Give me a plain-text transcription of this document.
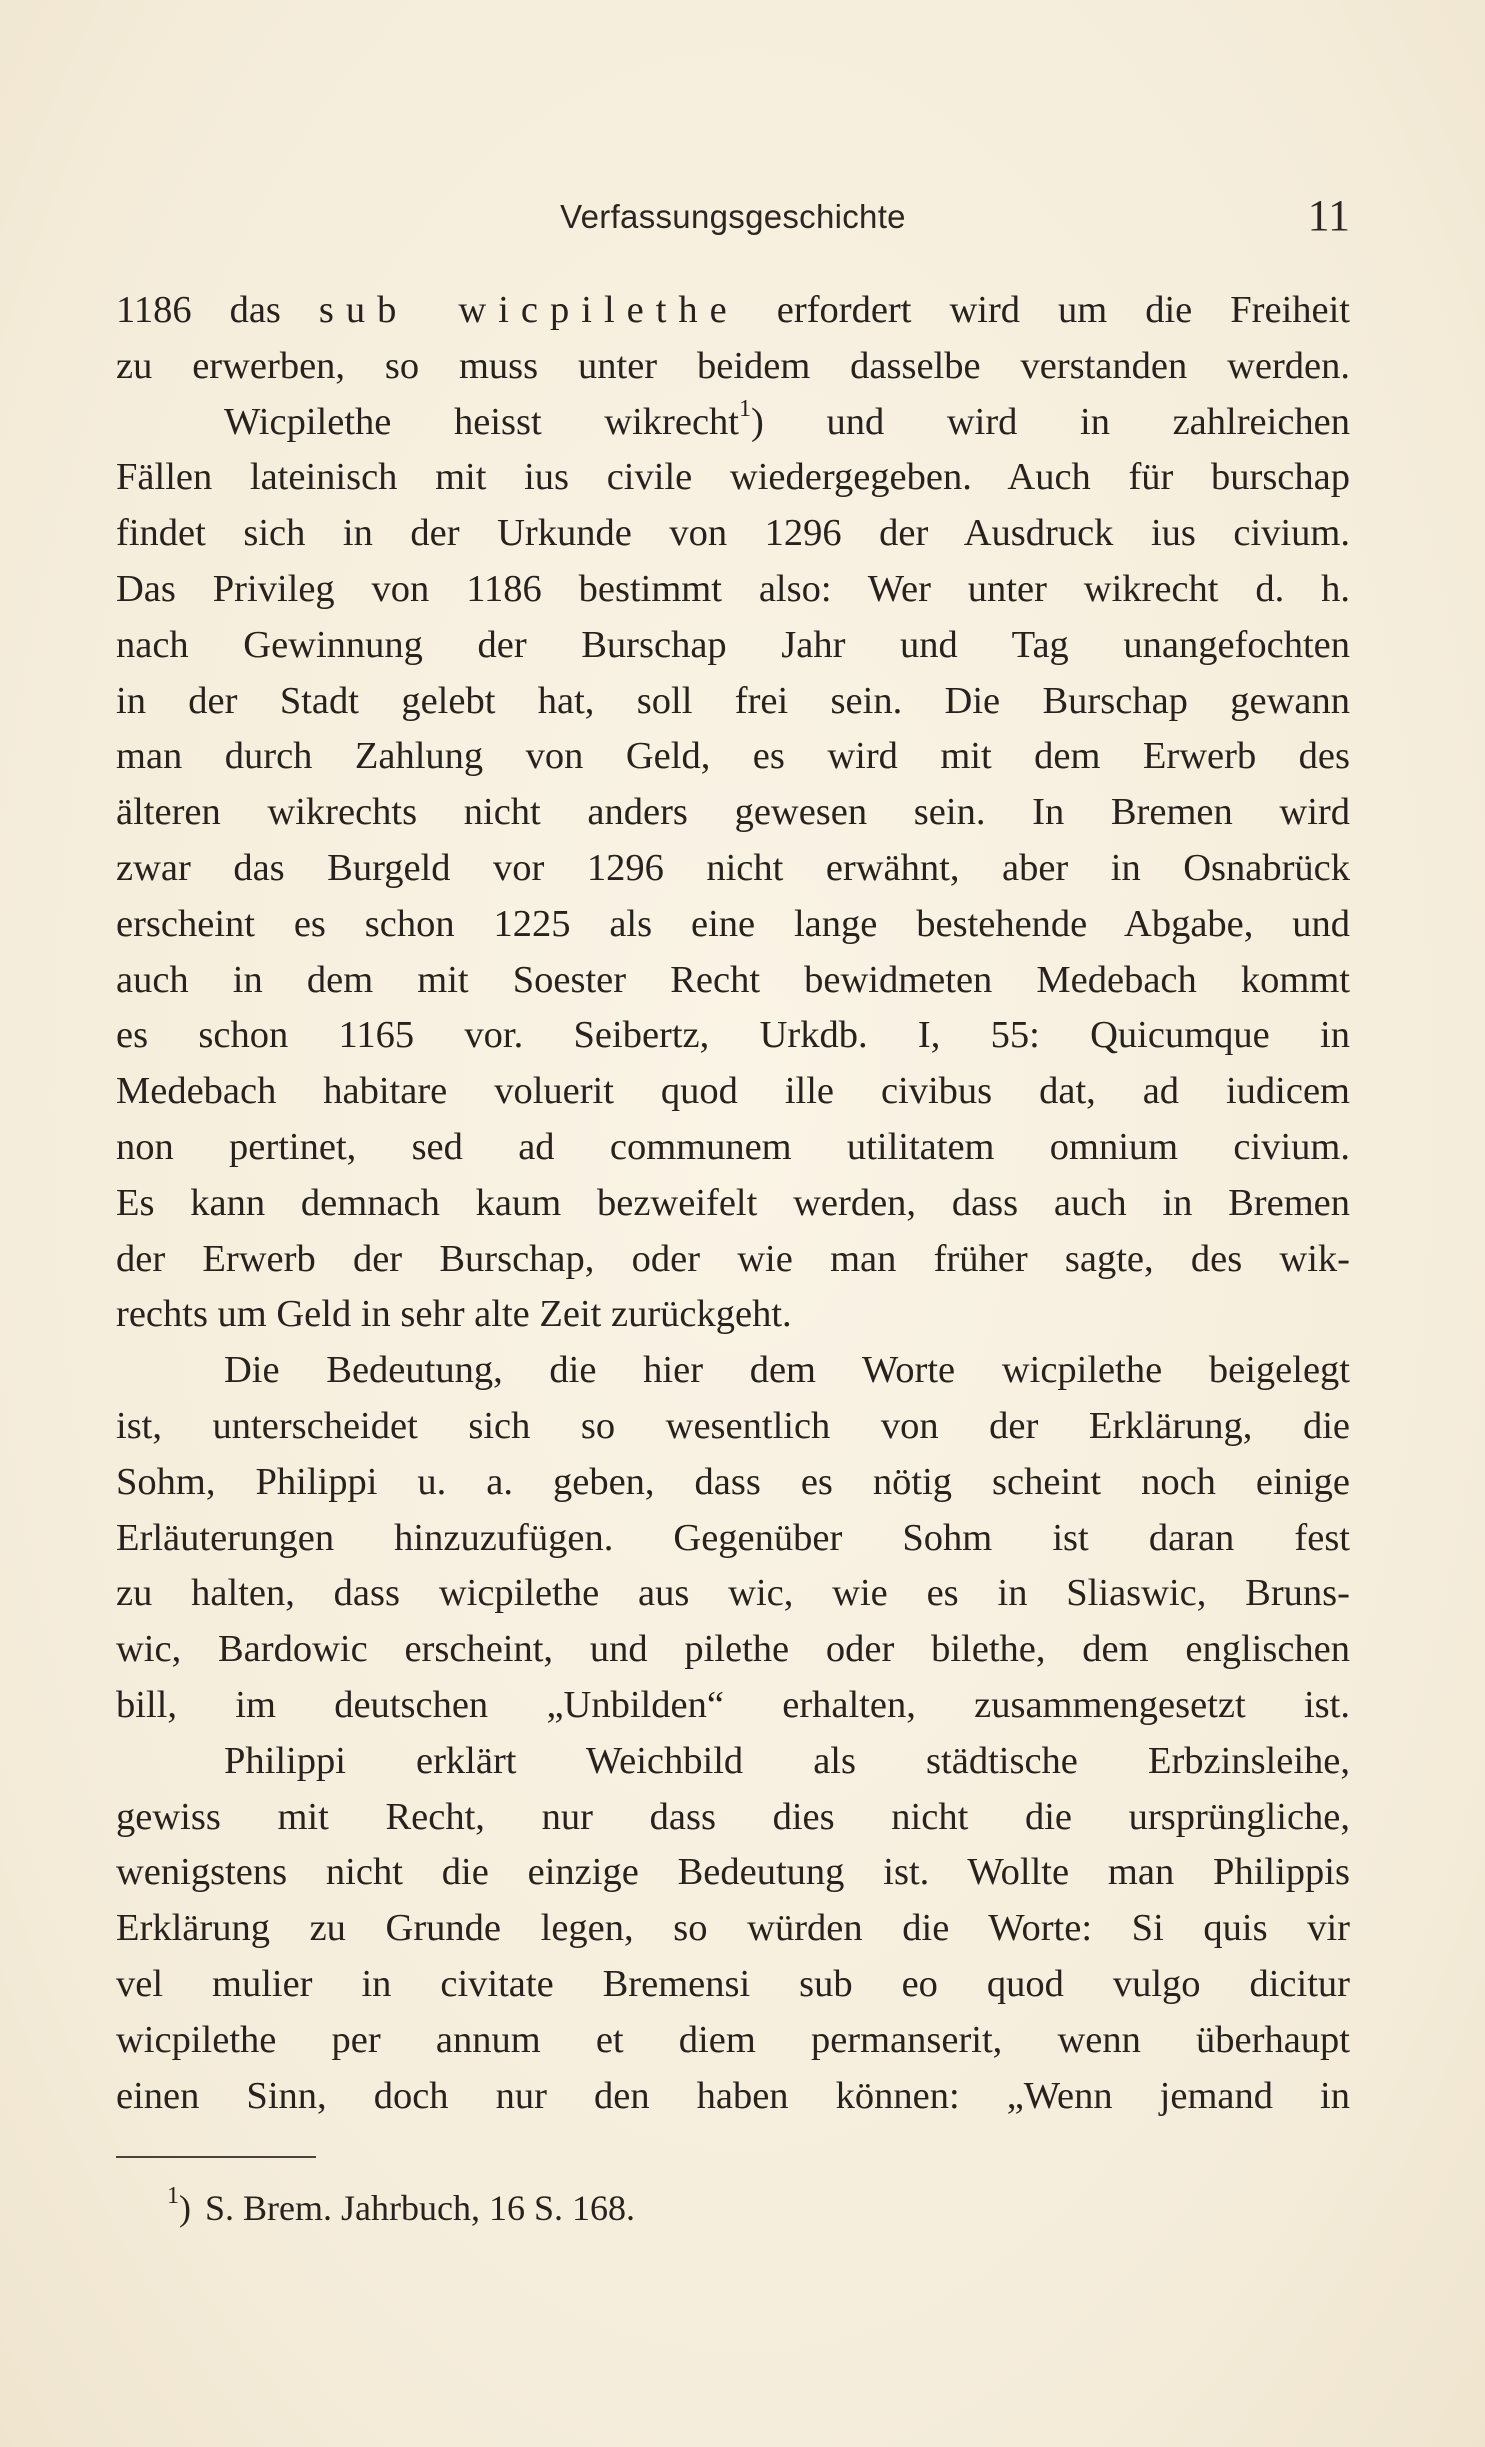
Verfassungsgeschichte	11
1186 das sub wicpilethe erfordert wird um die Freiheit
zu erwerben, so muss unter beidem dasselbe verstanden werden.
Wicpilethe heisst wikrecht$^1$) und wird in zahlreichen
Fällen lateinisch mit ius civile wiedergegeben. Auch für burschap
findet sich in der Urkunde von 1296 der Ausdruck ius civium.
Das Privileg von 1186 bestimmt also: Wer unter wikrecht d. h.
nach Gewinnung der Burschap Jahr und Tag unangefochten
in der Stadt gelebt hat, soll frei sein. Die Burschap gewann
man durch Zahlung von Geld, es wird mit dem Erwerb des
älteren wikrechts nicht anders gewesen sein. In Bremen wird
zwar das Burgeld vor 1296 nicht erwähnt, aber in Osnabrück
erscheint es schon 1225 als eine lange bestehende Abgabe, und
auch in dem mit Soester Recht bewidmeten Medebach kommt
es schon 1165 vor. Seibertz, Urkdb. I, 55: Quicumque in
Medebach habitare voluerit quod ille civibus dat, ad iudicem
non pertinet, sed ad communem utilitatem omnium civium.
Es kann demnach kaum bezweifelt werden, dass auch in Bremen
der Erwerb der Burschap, oder wie man früher sagte, des wik-
rechts um Geld in sehr alte Zeit zurückgeht.
Die Bedeutung, die hier dem Worte wicpilethe beigelegt
ist, unterscheidet sich so wesentlich von der Erklärung, die
Sohm, Philippi u. a. geben, dass es nötig scheint noch einige
Erläuterungen hinzuzufügen. Gegenüber Sohm ist daran fest
zu halten, dass wicpilethe aus wic, wie es in Sliaswic, Bruns-
wic, Bardowic erscheint, und pilethe oder bilethe, dem englischen
bill, im deutschen „Unbilden“ erhalten, zusammengesetzt ist.
Philippi erklärt Weichbild als städtische Erbzinsleihe,
gewiss mit Recht, nur dass dies nicht die ursprüngliche,
wenigstens nicht die einzige Bedeutung ist. Wollte man Philippis
Erklärung zu Grunde legen, so würden die Worte: Si quis vir
vel mulier in civitate Bremensi sub eo quod vulgo dicitur
wicpilethe per annum et diem permanserit, wenn überhaupt
einen Sinn, doch nur den haben können: „Wenn jemand in
$^1$) S. Brem. Jahrbuch, 16 S. 168.
